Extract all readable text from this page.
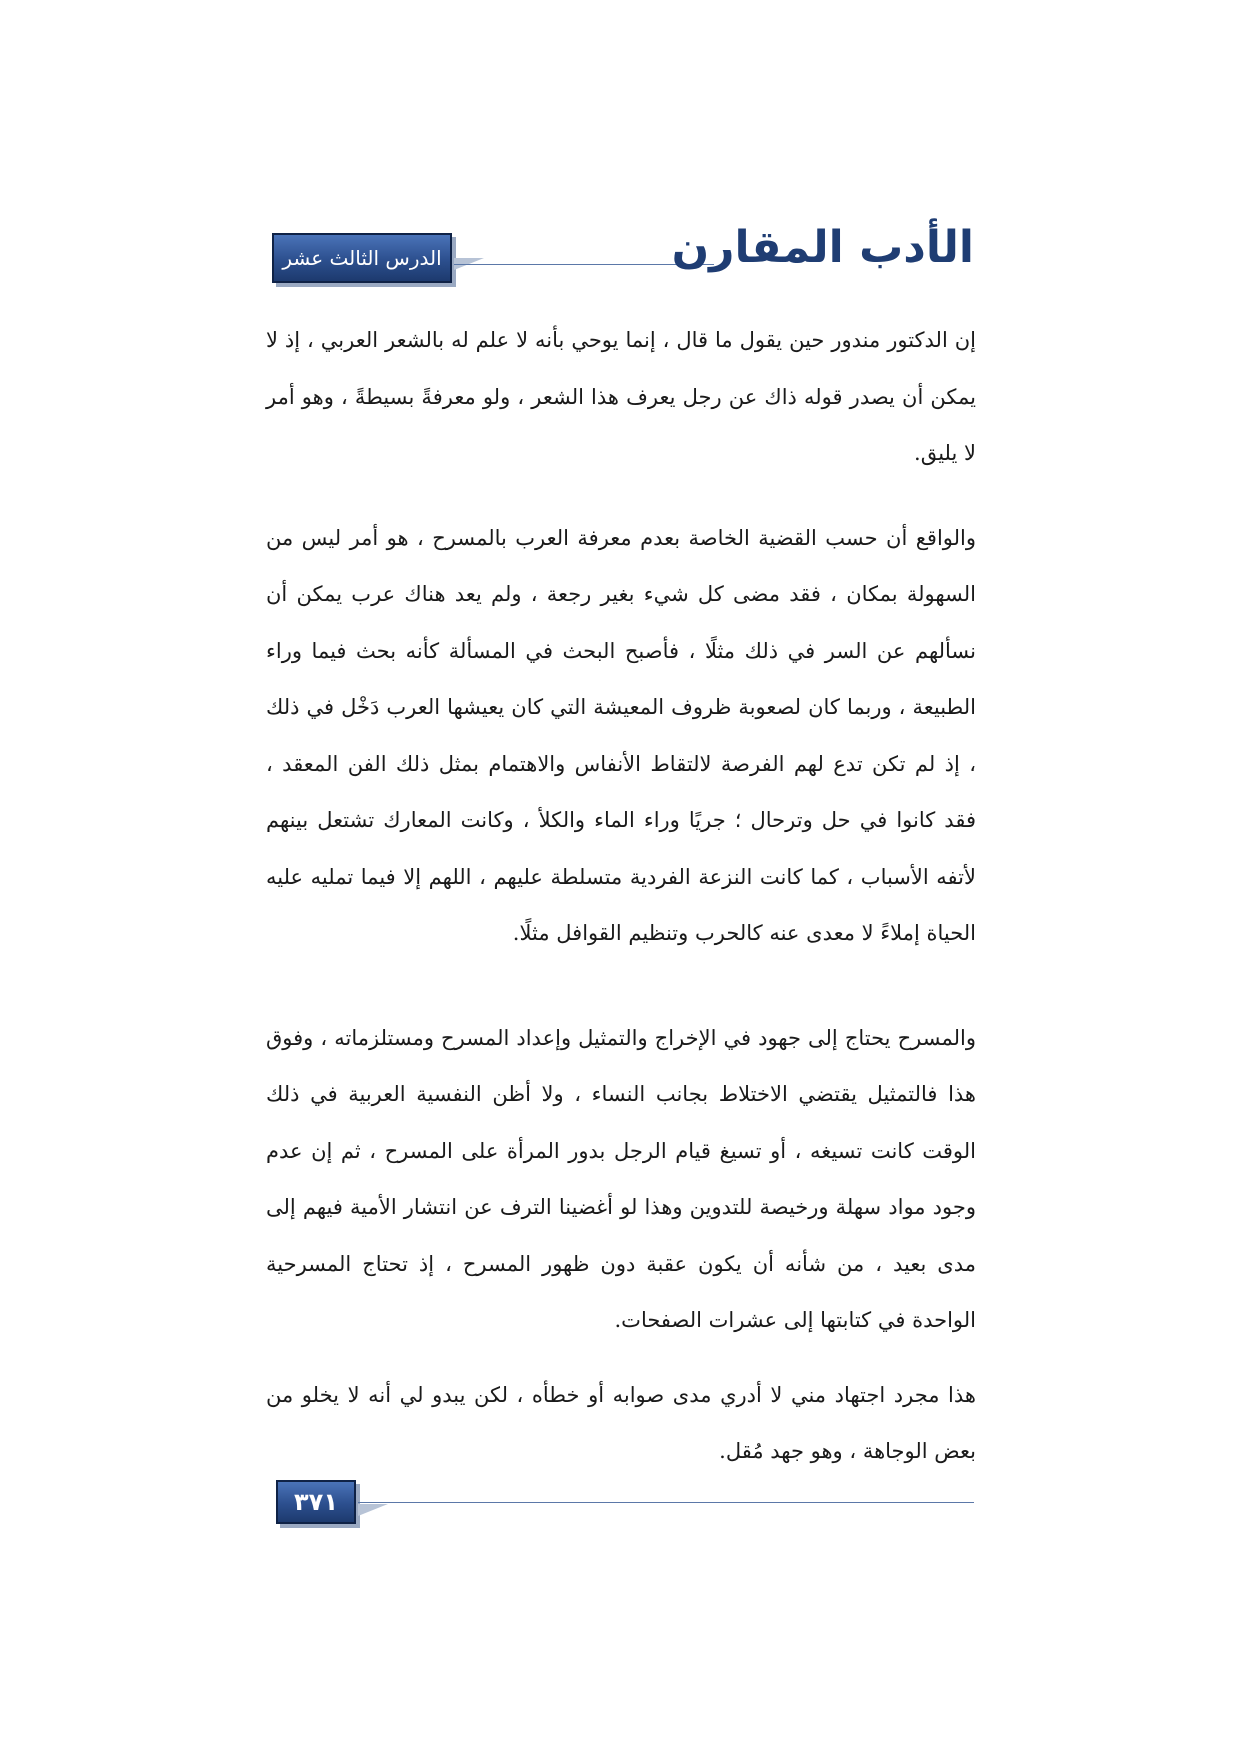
الدرس الثالث عشر	الأدب المقارن

إن الدكتور مندور حين يقول ما قال ، إنما يوحي بأنه لا علم له بالشعر العربي ، إذ لا يمكن أن يصدر قوله ذاك عن رجل يعرف هذا الشعر ، ولو معرفةً بسيطةً ، وهو أمر لا يليق.

والواقع أن حسب القضية الخاصة بعدم معرفة العرب بالمسرح ، هو أمر ليس من السهولة بمكان ، فقد مضى كل شيء بغير رجعة ، ولم يعد هناك عرب يمكن أن نسألهم عن السر في ذلك مثلًا ، فأصبح البحث في المسألة كأنه بحث فيما وراء الطبيعة ، وربما كان لصعوبة ظروف المعيشة التي كان يعيشها العرب دَخْل في ذلك ، إذ لم تكن تدع لهم الفرصة لالتقاط الأنفاس والاهتمام بمثل ذلك الفن المعقد ، فقد كانوا في حل وترحال ؛ جريًا وراء الماء والكلأ ، وكانت المعارك تشتعل بينهم لأتفه الأسباب ، كما كانت النزعة الفردية متسلطة عليهم ، اللهم إلا فيما تمليه عليه الحياة إملاءً لا معدى عنه كالحرب وتنظيم القوافل مثلًا.

والمسرح يحتاج إلى جهود في الإخراج والتمثيل وإعداد المسرح ومستلزماته ، وفوق هذا فالتمثيل يقتضي الاختلاط بجانب النساء ، ولا أظن النفسية العربية في ذلك الوقت كانت تسيغه ، أو تسيغ قيام الرجل بدور المرأة على المسرح ، ثم إن عدم وجود مواد سهلة ورخيصة للتدوين وهذا لو أغضينا الترف عن انتشار الأمية فيهم إلى مدى بعيد ، من شأنه أن يكون عقبة دون ظهور المسرح ، إذ تحتاج المسرحية الواحدة في كتابتها إلى عشرات الصفحات.

هذا مجرد اجتهاد مني لا أدري مدى صوابه أو خطأه ، لكن يبدو لي أنه لا يخلو من بعض الوجاهة ، وهو جهد مُقل.

٣٧١
